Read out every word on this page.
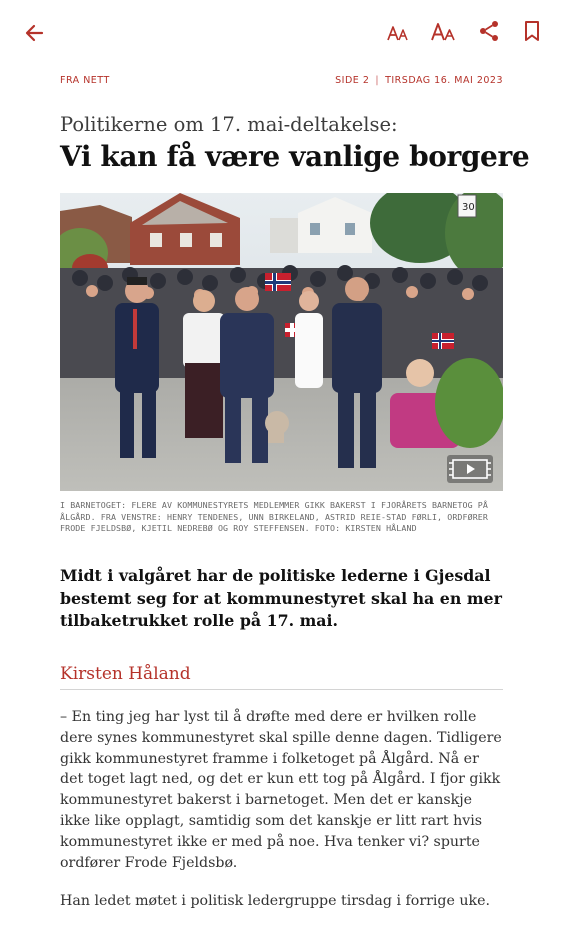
FRA NETT	SIDE 2 | TIRSDAG 16. MAI 2023
Politikerne om 17. mai-deltakelse:
Vi kan få være vanlige borgere
30
I BARNETOGET: FLERE AV KOMMUNESTYRETS MEDLEMMER GIKK BAKERST I FJORÅRETS BARNETOG PÅ ÅLGÅRD. FRA VENSTRE: HENRY TENDENES, UNN BIRKELAND, ASTRID REIE-STAD FØRLI, ORDFØRER FRODE FJELDSBØ, KJETIL NEDREBØ OG ROY STEFFENSEN. FOTO: KIRSTEN HÅLAND
Midt i valgåret har de politiske lederne i Gjesdal bestemt seg for at kommunestyret skal ha en mer tilbaketrukket rolle på 17. mai.
Kirsten Håland

– En ting jeg har lyst til å drøfte med dere er hvilken rolle dere synes kommunestyret skal spille denne dagen. Tidligere gikk kommunestyret framme i folketoget på Ålgård. Nå er det toget lagt ned, og det er kun ett tog på Ålgård. I fjor gikk kommunestyret bakerst i barnetoget. Men det er kanskje ikke like opplagt, samtidig som det kanskje er litt rart hvis kommunestyret ikke er med på noe. Hva tenker vi? spurte ordfører Frode Fjeldsbø.

Han ledet møtet i politisk ledergruppe tirsdag i forrige uke.
